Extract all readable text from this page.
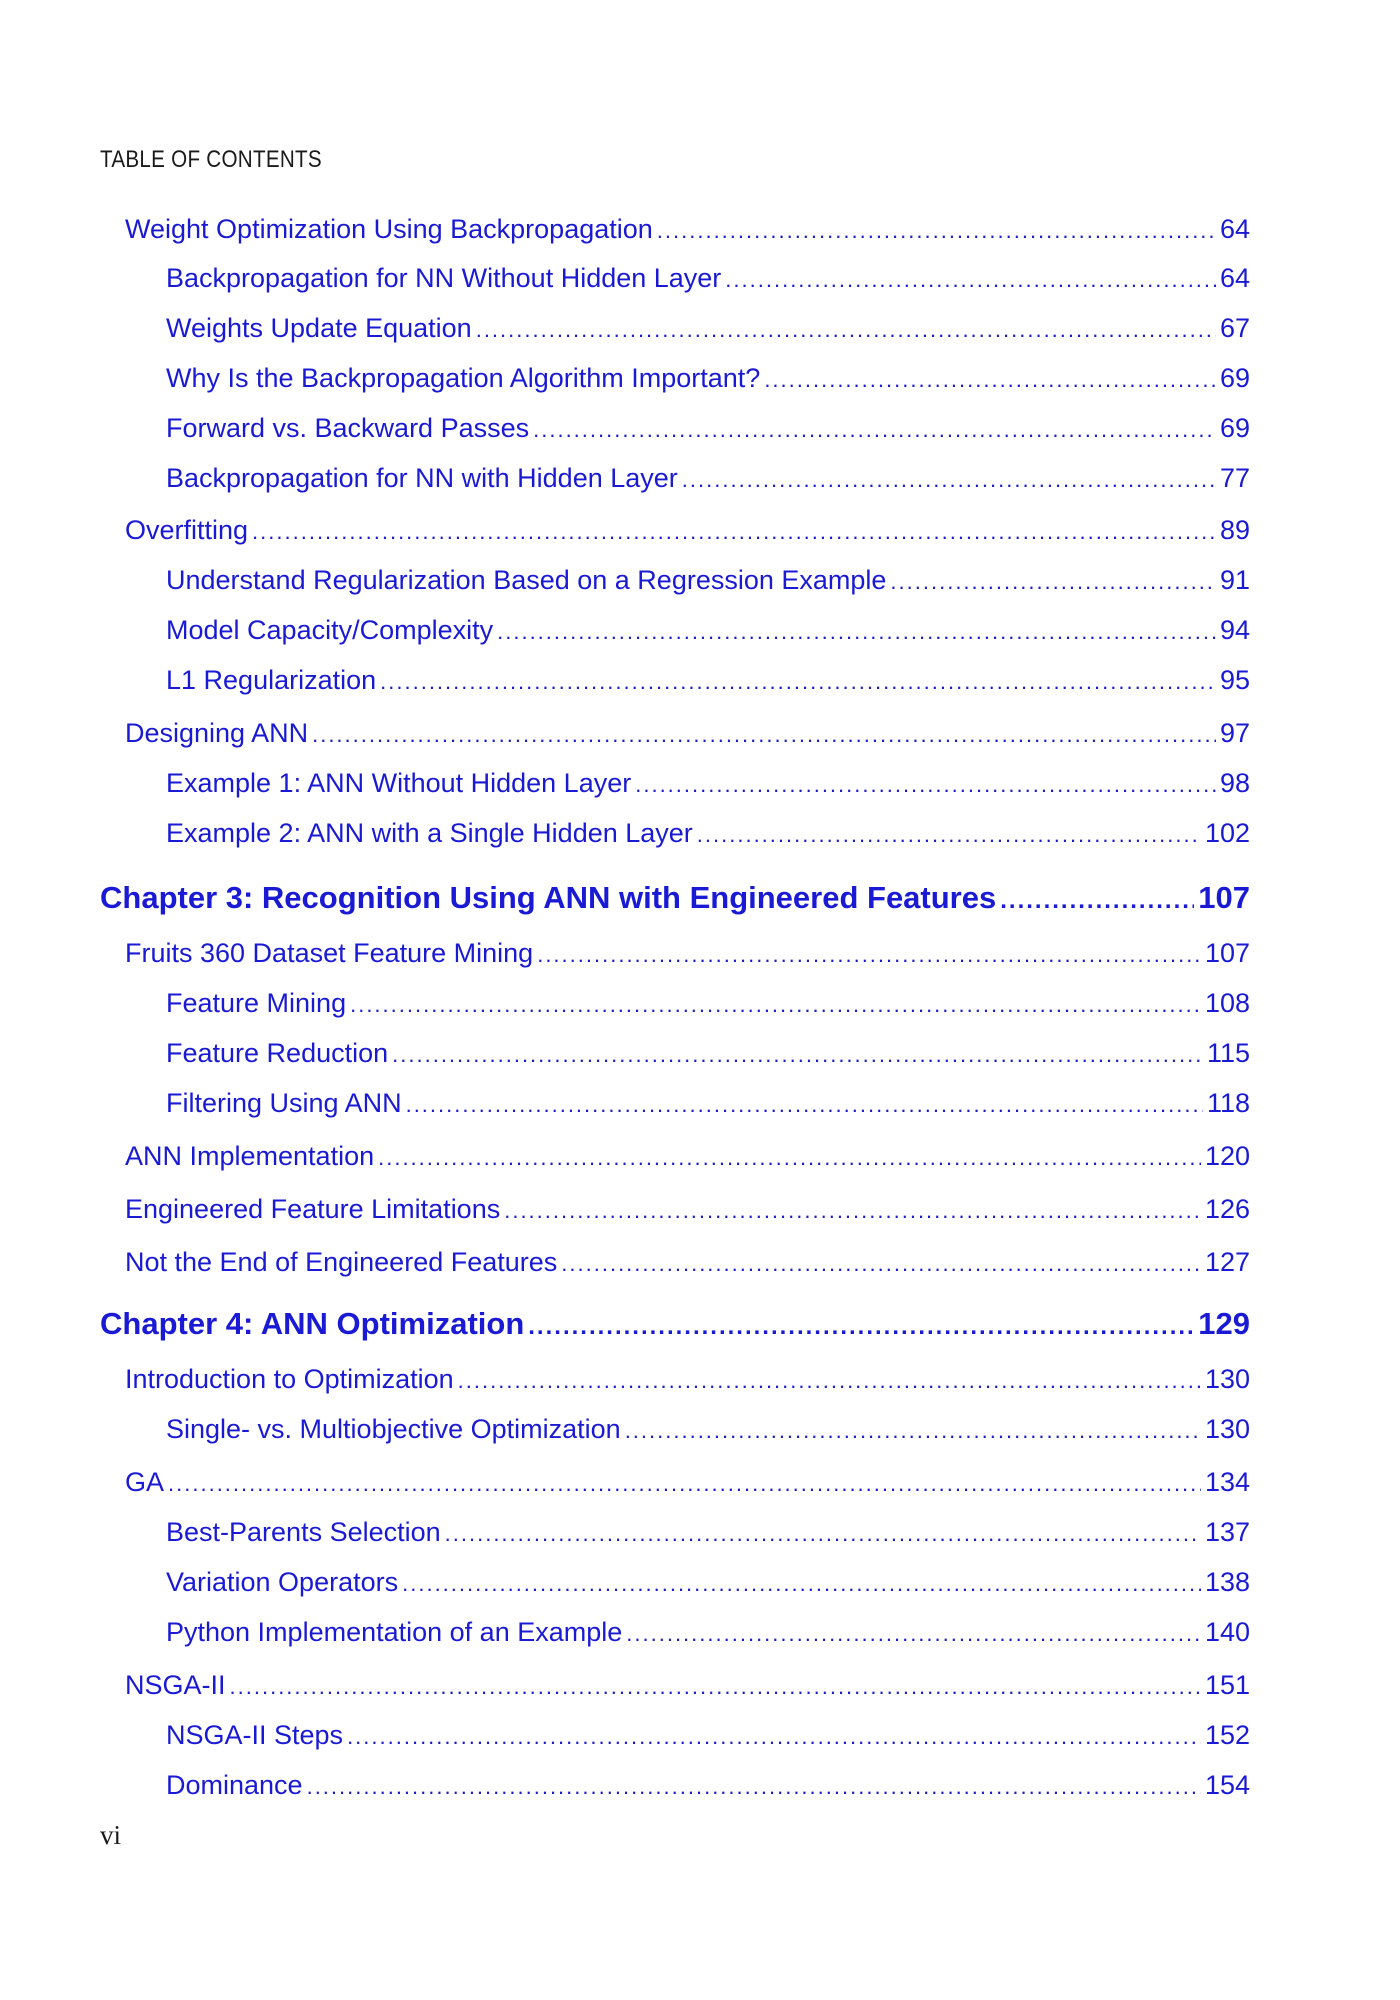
TABLE OF CONTENTS
Weight Optimization Using Backpropagation .....	64
Backpropagation for NN Without Hidden Layer .....	64
Weights Update Equation .....	67
Why Is the Backpropagation Algorithm Important? .....	69
Forward vs. Backward Passes .....	69
Backpropagation for NN with Hidden Layer .....	77
Overfitting .....	89
Understand Regularization Based on a Regression Example .....	91
Model Capacity/Complexity .....	94
L1 Regularization .....	95
Designing ANN .....	97
Example 1: ANN Without Hidden Layer .....	98
Example 2: ANN with a Single Hidden Layer .....	102
Chapter 3: Recognition Using ANN with Engineered Features .....	107
Fruits 360 Dataset Feature Mining .....	107
Feature Mining .....	108
Feature Reduction .....	115
Filtering Using ANN .....	118
ANN Implementation .....	120
Engineered Feature Limitations .....	126
Not the End of Engineered Features .....	127
Chapter 4: ANN Optimization .....	129
Introduction to Optimization .....	130
Single- vs. Multiobjective Optimization .....	130
GA .....	134
Best-Parents Selection .....	137
Variation Operators .....	138
Python Implementation of an Example .....	140
NSGA-II .....	151
NSGA-II Steps .....	152
Dominance .....	154
vi
